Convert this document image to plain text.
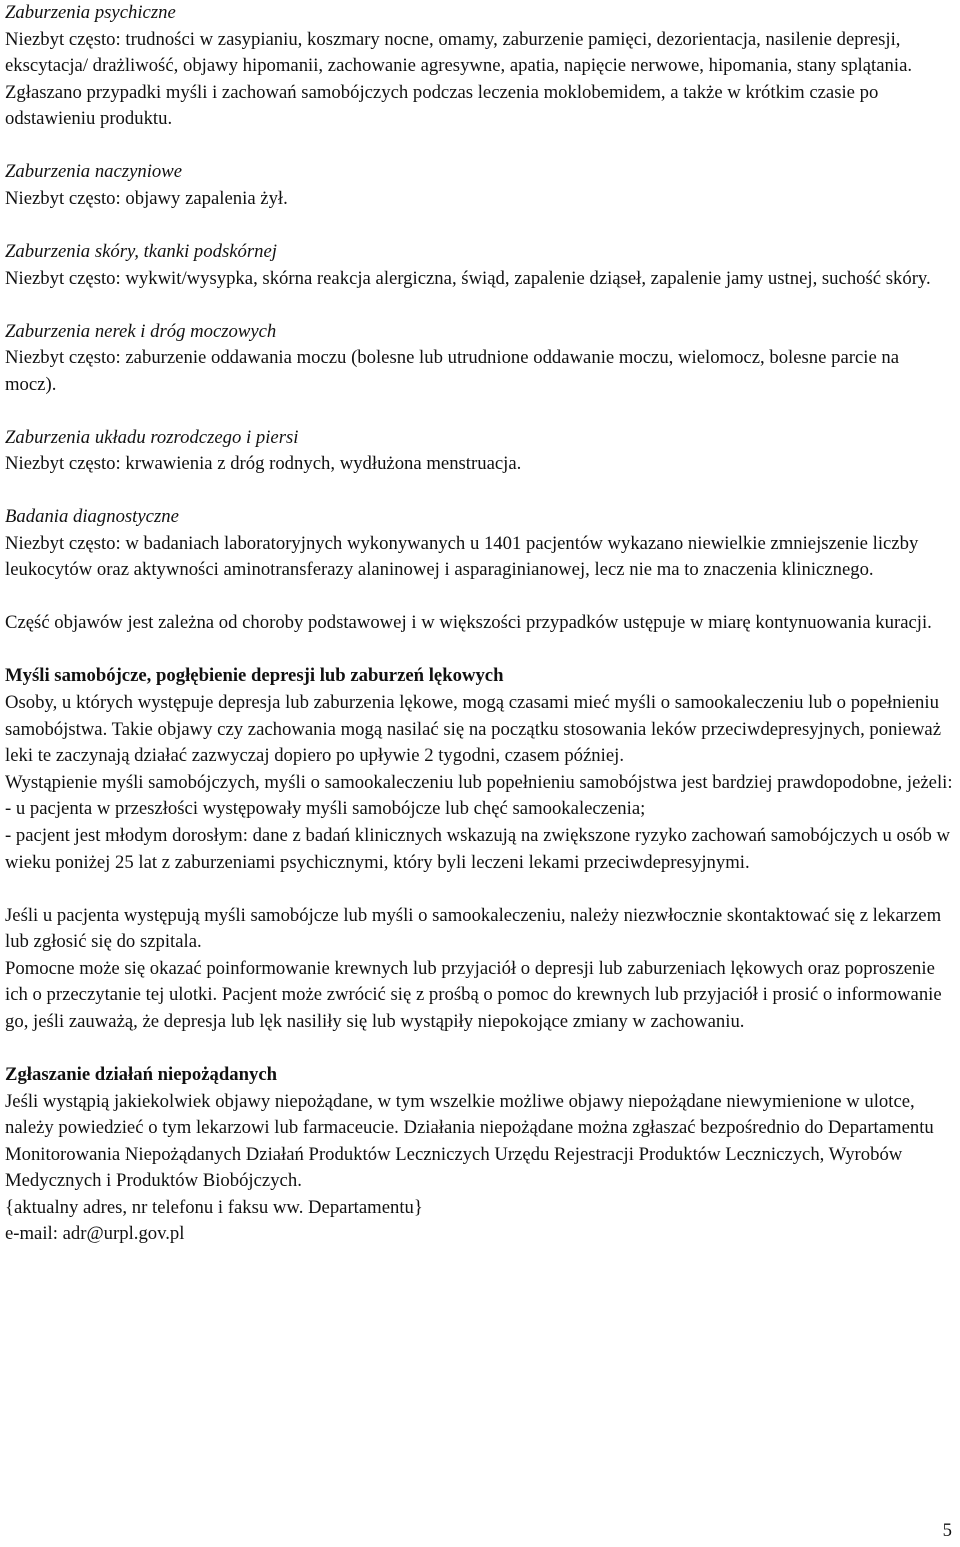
Zaburzenia psychiczne

Niezbyt często: trudności w zasypianiu, koszmary nocne, omamy, zaburzenie pamięci, dezorientacja, nasilenie depresji, ekscytacja/ drażliwość, objawy hipomanii, zachowanie agresywne, apatia, napięcie nerwowe, hipomania, stany splątania.

Zgłaszano przypadki myśli i zachowań samobójczych podczas leczenia moklobemidem, a także w krótkim czasie po odstawieniu produktu.

Zaburzenia naczyniowe

Niezbyt często: objawy zapalenia żył.

Zaburzenia skóry, tkanki podskórnej

Niezbyt często: wykwit/wysypka, skórna reakcja alergiczna, świąd, zapalenie dziąseł, zapalenie jamy ustnej, suchość skóry.

Zaburzenia nerek i dróg moczowych

Niezbyt często: zaburzenie oddawania moczu (bolesne lub utrudnione oddawanie moczu, wielomocz, bolesne parcie na mocz).

Zaburzenia układu rozrodczego i piersi

Niezbyt często: krwawienia z dróg rodnych, wydłużona menstruacja.

Badania diagnostyczne

Niezbyt często: w badaniach laboratoryjnych wykonywanych u 1401 pacjentów wykazano niewielkie zmniejszenie liczby leukocytów oraz aktywności aminotransferazy alaninowej i asparaginianowej, lecz nie ma to znaczenia klinicznego.

Część objawów jest zależna od choroby podstawowej i w większości przypadków ustępuje w miarę kontynuowania kuracji.

Myśli samobójcze, pogłębienie depresji lub zaburzeń lękowych

Osoby, u których występuje depresja lub zaburzenia lękowe, mogą czasami mieć myśli o samookaleczeniu lub o popełnieniu samobójstwa. Takie objawy czy zachowania mogą nasilać się na początku stosowania leków przeciwdepresyjnych, ponieważ leki te zaczynają działać zazwyczaj dopiero po upływie 2 tygodni, czasem później.

Wystąpienie myśli samobójczych, myśli o samookaleczeniu lub popełnieniu samobójstwa jest bardziej prawdopodobne, jeżeli:

- u pacjenta w przeszłości występowały myśli samobójcze lub chęć samookaleczenia;

- pacjent jest młodym dorosłym: dane z badań klinicznych wskazują na zwiększone ryzyko zachowań samobójczych u osób w wieku poniżej 25 lat z zaburzeniami psychicznymi, który byli leczeni lekami przeciwdepresyjnymi.

Jeśli u pacjenta występują myśli samobójcze lub myśli o samookaleczeniu, należy niezwłocznie skontaktować się z lekarzem lub zgłosić się do szpitala.

Pomocne może się okazać poinformowanie krewnych lub przyjaciół o depresji lub zaburzeniach lękowych oraz poproszenie ich o przeczytanie tej ulotki. Pacjent może zwrócić się z prośbą o pomoc do krewnych lub przyjaciół i prosić o informowanie go, jeśli zauważą, że depresja lub lęk nasiliły się lub wystąpiły niepokojące zmiany w zachowaniu.

Zgłaszanie działań niepożądanych

Jeśli wystąpią jakiekolwiek objawy niepożądane, w tym wszelkie możliwe objawy niepożądane niewymienione w ulotce, należy powiedzieć o tym lekarzowi lub farmaceucie. Działania niepożądane można zgłaszać bezpośrednio do Departamentu Monitorowania Niepożądanych Działań Produktów Leczniczych Urzędu Rejestracji Produktów Leczniczych, Wyrobów Medycznych i Produktów Biobójczych.

{aktualny adres, nr telefonu i faksu ww. Departamentu}

e-mail: adr@urpl.gov.pl

5
